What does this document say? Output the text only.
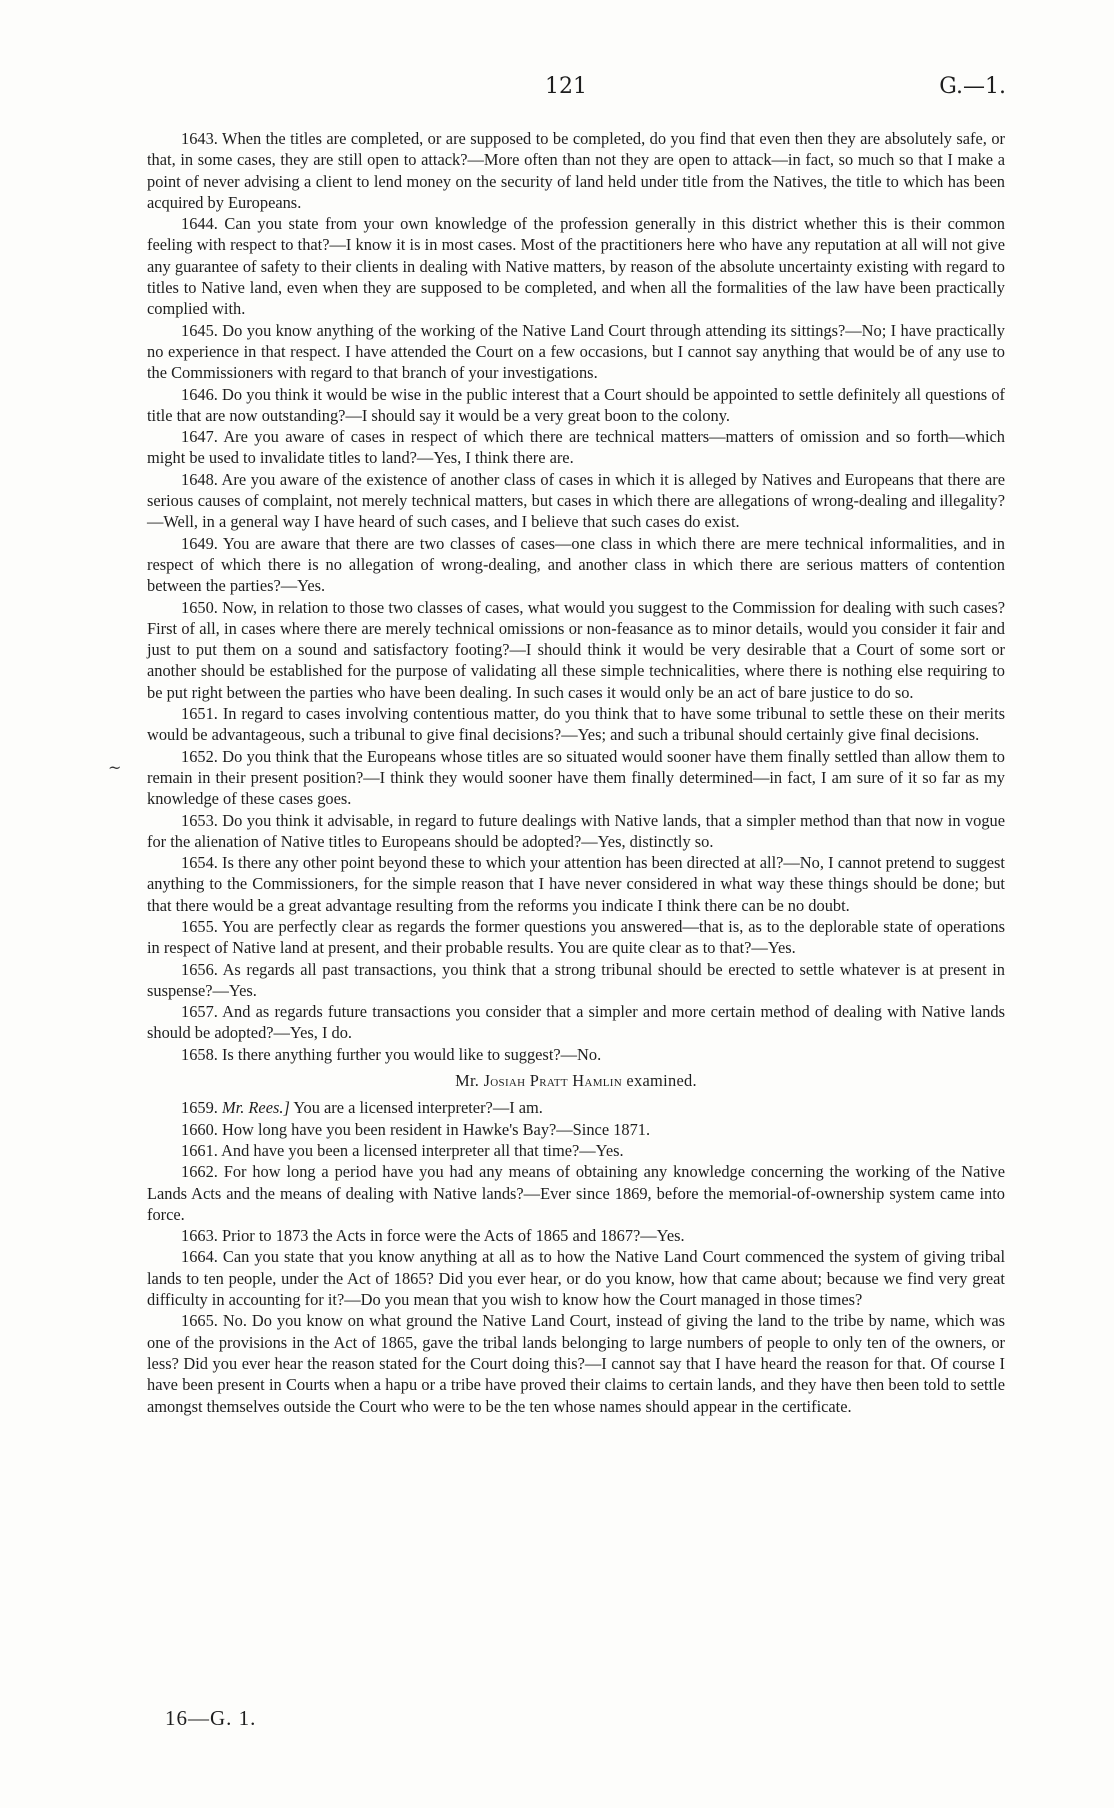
121	G.—1.
~

1643. When the titles are completed, or are supposed to be completed, do you find that even then they are absolutely safe, or that, in some cases, they are still open to attack?—More often than not they are open to attack—in fact, so much so that I make a point of never advising a client to lend money on the security of land held under title from the Natives, the title to which has been acquired by Europeans.

1644. Can you state from your own knowledge of the profession generally in this district whether this is their common feeling with respect to that?—I know it is in most cases. Most of the practitioners here who have any reputation at all will not give any guarantee of safety to their clients in dealing with Native matters, by reason of the absolute uncertainty existing with regard to titles to Native land, even when they are supposed to be completed, and when all the formalities of the law have been practically complied with.

1645. Do you know anything of the working of the Native Land Court through attending its sittings?—No; I have practically no experience in that respect. I have attended the Court on a few occasions, but I cannot say anything that would be of any use to the Commissioners with regard to that branch of your investigations.

1646. Do you think it would be wise in the public interest that a Court should be appointed to settle definitely all questions of title that are now outstanding?—I should say it would be a very great boon to the colony.

1647. Are you aware of cases in respect of which there are technical matters—matters of omission and so forth—which might be used to invalidate titles to land?—Yes, I think there are.

1648. Are you aware of the existence of another class of cases in which it is alleged by Natives and Europeans that there are serious causes of complaint, not merely technical matters, but cases in which there are allegations of wrong-dealing and illegality?—Well, in a general way I have heard of such cases, and I believe that such cases do exist.

1649. You are aware that there are two classes of cases—one class in which there are mere technical informalities, and in respect of which there is no allegation of wrong-dealing, and another class in which there are serious matters of contention between the parties?—Yes.

1650. Now, in relation to those two classes of cases, what would you suggest to the Commission for dealing with such cases? First of all, in cases where there are merely technical omissions or non-feasance as to minor details, would you consider it fair and just to put them on a sound and satisfactory footing?—I should think it would be very desirable that a Court of some sort or another should be established for the purpose of validating all these simple technicalities, where there is nothing else requiring to be put right between the parties who have been dealing. In such cases it would only be an act of bare justice to do so.

1651. In regard to cases involving contentious matter, do you think that to have some tribunal to settle these on their merits would be advantageous, such a tribunal to give final decisions?—Yes; and such a tribunal should certainly give final decisions.

1652. Do you think that the Europeans whose titles are so situated would sooner have them finally settled than allow them to remain in their present position?—I think they would sooner have them finally determined—in fact, I am sure of it so far as my knowledge of these cases goes.

1653. Do you think it advisable, in regard to future dealings with Native lands, that a simpler method than that now in vogue for the alienation of Native titles to Europeans should be adopted?—Yes, distinctly so.

1654. Is there any other point beyond these to which your attention has been directed at all?—No, I cannot pretend to suggest anything to the Commissioners, for the simple reason that I have never considered in what way these things should be done; but that there would be a great advantage resulting from the reforms you indicate I think there can be no doubt.

1655. You are perfectly clear as regards the former questions you answered—that is, as to the deplorable state of operations in respect of Native land at present, and their probable results. You are quite clear as to that?—Yes.

1656. As regards all past transactions, you think that a strong tribunal should be erected to settle whatever is at present in suspense?—Yes.

1657. And as regards future transactions you consider that a simpler and more certain method of dealing with Native lands should be adopted?—Yes, I do.

1658. Is there anything further you would like to suggest?—No.

Mr. Josiah Pratt Hamlin examined.

1659. Mr. Rees.] You are a licensed interpreter?—I am.

1660. How long have you been resident in Hawke's Bay?—Since 1871.

1661. And have you been a licensed interpreter all that time?—Yes.

1662. For how long a period have you had any means of obtaining any knowledge concerning the working of the Native Lands Acts and the means of dealing with Native lands?—Ever since 1869, before the memorial-of-ownership system came into force.

1663. Prior to 1873 the Acts in force were the Acts of 1865 and 1867?—Yes.

1664. Can you state that you know anything at all as to how the Native Land Court commenced the system of giving tribal lands to ten people, under the Act of 1865? Did you ever hear, or do you know, how that came about; because we find very great difficulty in accounting for it?—Do you mean that you wish to know how the Court managed in those times?

1665. No. Do you know on what ground the Native Land Court, instead of giving the land to the tribe by name, which was one of the provisions in the Act of 1865, gave the tribal lands belonging to large numbers of people to only ten of the owners, or less? Did you ever hear the reason stated for the Court doing this?—I cannot say that I have heard the reason for that. Of course I have been present in Courts when a hapu or a tribe have proved their claims to certain lands, and they have then been told to settle amongst themselves outside the Court who were to be the ten whose names should appear in the certificate.

16—G. 1.
